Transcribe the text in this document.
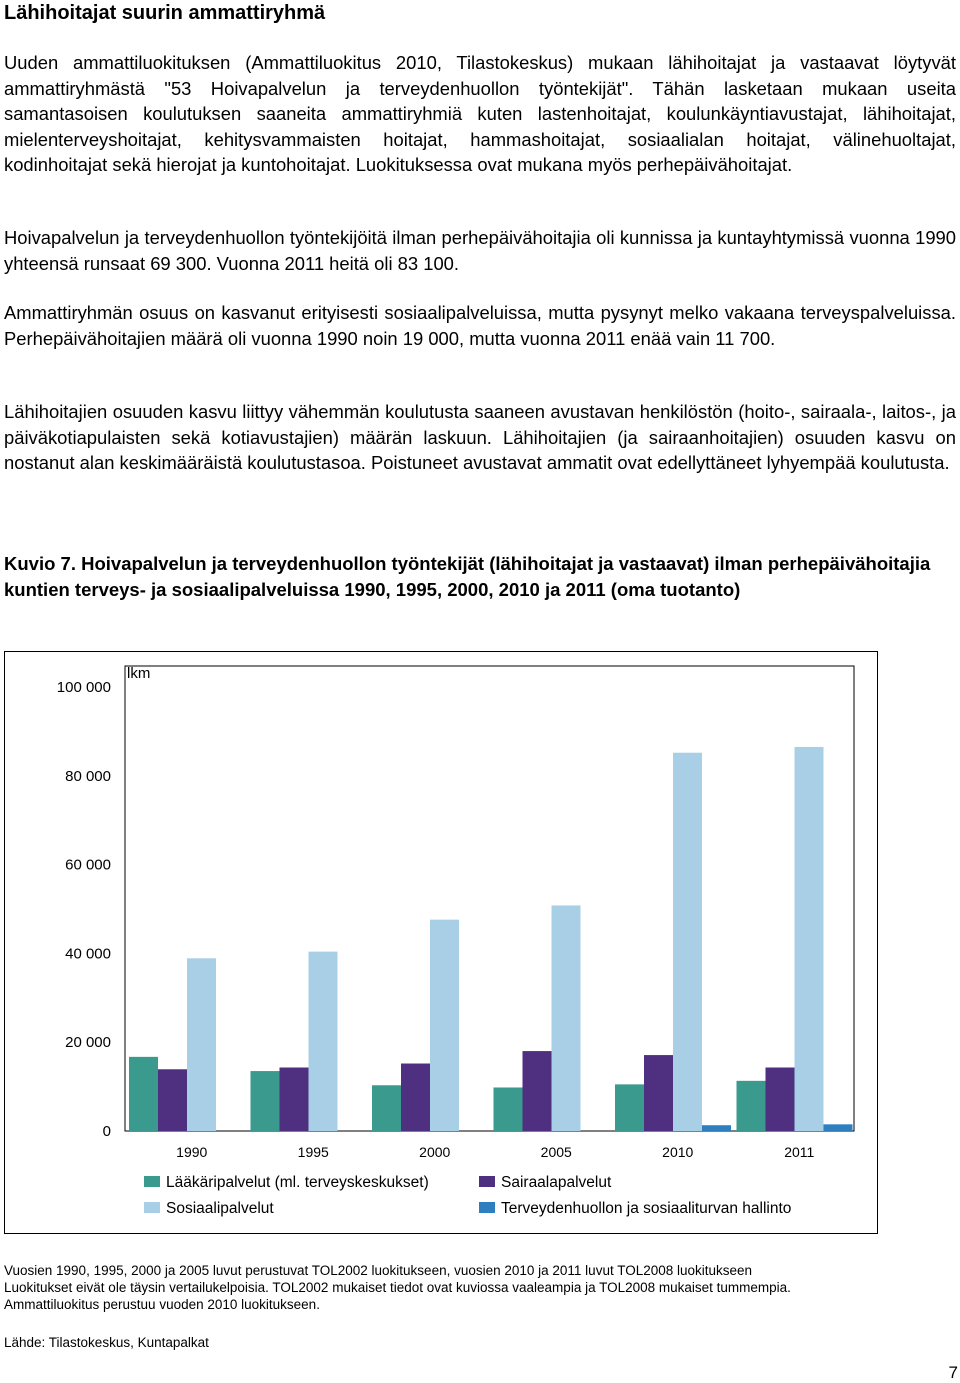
Lähihoitajat suurin ammattiryhmä

Uuden ammattiluokituksen (Ammattiluokitus 2010, Tilastokeskus) mukaan lähihoitajat ja vastaavat löytyvät ammattiryhmästä "53 Hoivapalvelun ja terveydenhuollon työntekijät". Tähän lasketaan mukaan useita samantasoisen koulutuksen saaneita ammattiryhmiä kuten lastenhoitajat, koulunkäyntiavustajat, lähihoitajat, mielenterveyshoitajat, kehitysvammaisten hoitajat, hammashoitajat, sosiaalialan hoitajat, välinehuoltajat, kodinhoitajat sekä hierojat ja kuntohoitajat. Luokituksessa ovat mukana myös perhepäivähoitajat.

Hoivapalvelun ja terveydenhuollon työntekijöitä ilman perhepäivähoitajia oli kunnissa ja kuntayhtymissä vuonna 1990 yhteensä runsaat 69 300. Vuonna 2011 heitä oli 83 100.

Ammattiryhmän osuus on kasvanut erityisesti sosiaalipalveluissa, mutta pysynyt melko vakaana terveyspalveluissa. Perhepäivähoitajien määrä oli vuonna 1990 noin 19 000, mutta vuonna 2011 enää vain 11 700.

Lähihoitajien osuuden kasvu liittyy vähemmän koulutusta saaneen avustavan henkilöstön (hoito-, sairaala-, laitos-, ja päiväkotiapulaisten sekä kotiavustajien) määrän laskuun. Lähihoitajien (ja sairaanhoitajien) osuuden kasvu on nostanut alan keskimääräistä koulutustasoa. Poistuneet avustavat ammatit ovat edellyttäneet lyhyempää koulutusta.

Kuvio 7. Hoivapalvelun ja terveydenhuollon työntekijät (lähihoitajat ja vastaavat) ilman perhepäivähoitajia kuntien terveys- ja sosiaalipalveluissa 1990, 1995, 2000, 2010 ja 2011 (oma tuotanto)
0
20 000
40 000
60 000
80 000
100 000
lkm
1990	1995	2000	2005	2010	2011
Lääkäripalvelut (ml. terveyskeskukset)	Sairaalapalvelut
Sosiaalipalvelut	Terveydenhuollon ja sosiaaliturvan hallinto
Vuosien 1990, 1995, 2000 ja 2005 luvut perustuvat TOL2002 luokitukseen, vuosien 2010 ja 2011 luvut TOL2008 luokitukseen
Luokitukset eivät ole täysin vertailukelpoisia. TOL2002 mukaiset tiedot ovat kuviossa vaaleampia ja TOL2008 mukaiset tummempia.
Ammattiluokitus perustuu vuoden 2010 luokitukseen.
Lähde: Tilastokeskus, Kuntapalkat
7
